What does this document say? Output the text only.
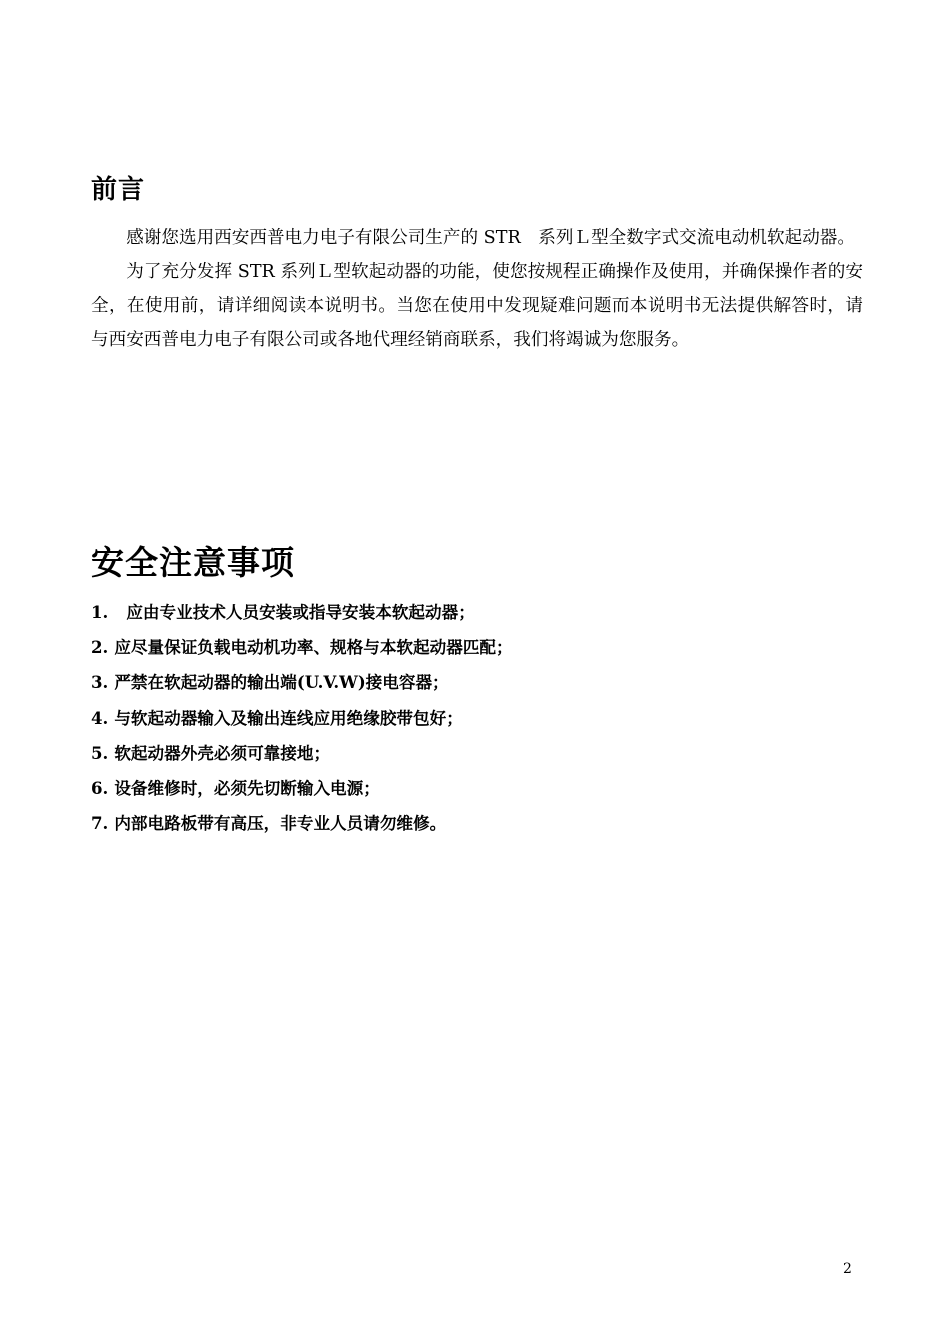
前言

感谢您选用西安西普电力电子有限公司生产的 STR　系列Ｌ型全数字式交流电动机软起动器。

为了充分发挥 STR 系列Ｌ型软起动器的功能，使您按规程正确操作及使用，并确保操作者的安全，在使用前，请详细阅读本说明书。当您在使用中发现疑难问题而本说明书无法提供解答时，请与西安西普电力电子有限公司或各地代理经销商联系，我们将竭诚为您服务。

安全注意事项
1. 应由专业技术人员安装或指导安装本软起动器；
2. 应尽量保证负载电动机功率、规格与本软起动器匹配；
3. 严禁在软起动器的输出端(U.V.W)接电容器；
4. 与软起动器输入及输出连线应用绝缘胶带包好；
5. 软起动器外壳必须可靠接地；
6. 设备维修时，必须先切断输入电源；
7. 内部电路板带有高压，非专业人员请勿维修。
2
